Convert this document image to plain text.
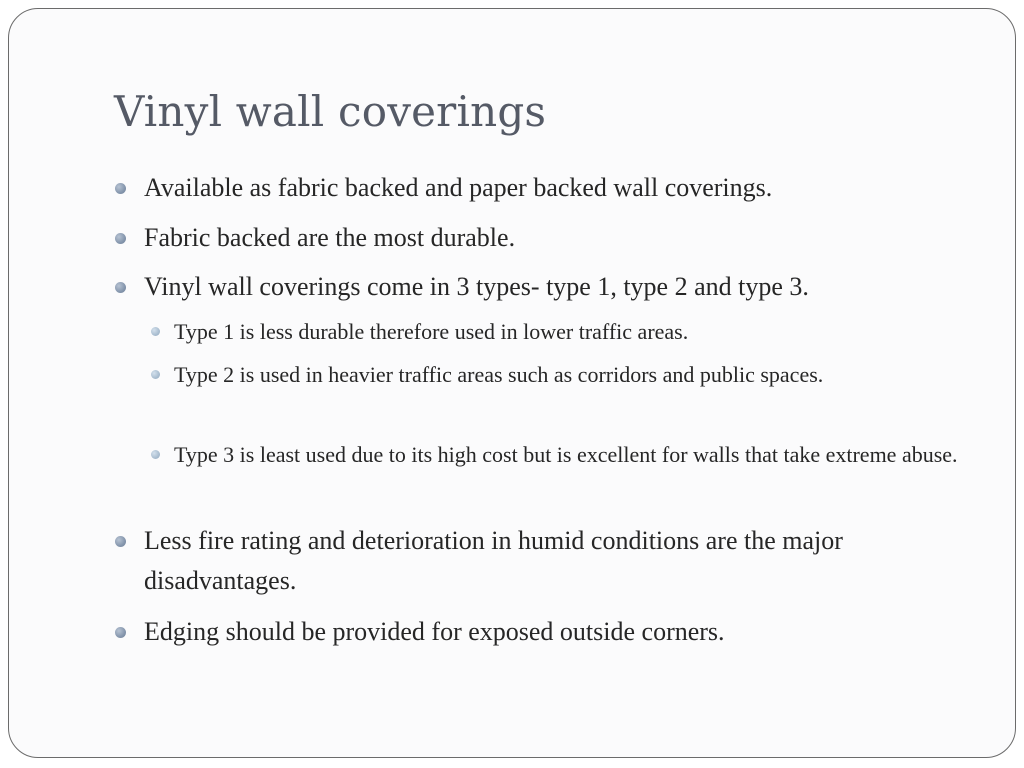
Vinyl wall coverings
Available as fabric backed and paper backed wall coverings.
Fabric backed are the most durable.
Vinyl wall coverings come in 3 types- type 1, type 2 and type 3.
Type 1 is less durable therefore used in lower traffic areas.
Type 2 is used in heavier traffic areas such as corridors and public spaces.
Type 3 is least used due to its high cost but is excellent for walls that take extreme abuse.
Less fire rating and deterioration in humid conditions are the major disadvantages.
Edging should be provided for exposed outside corners.
